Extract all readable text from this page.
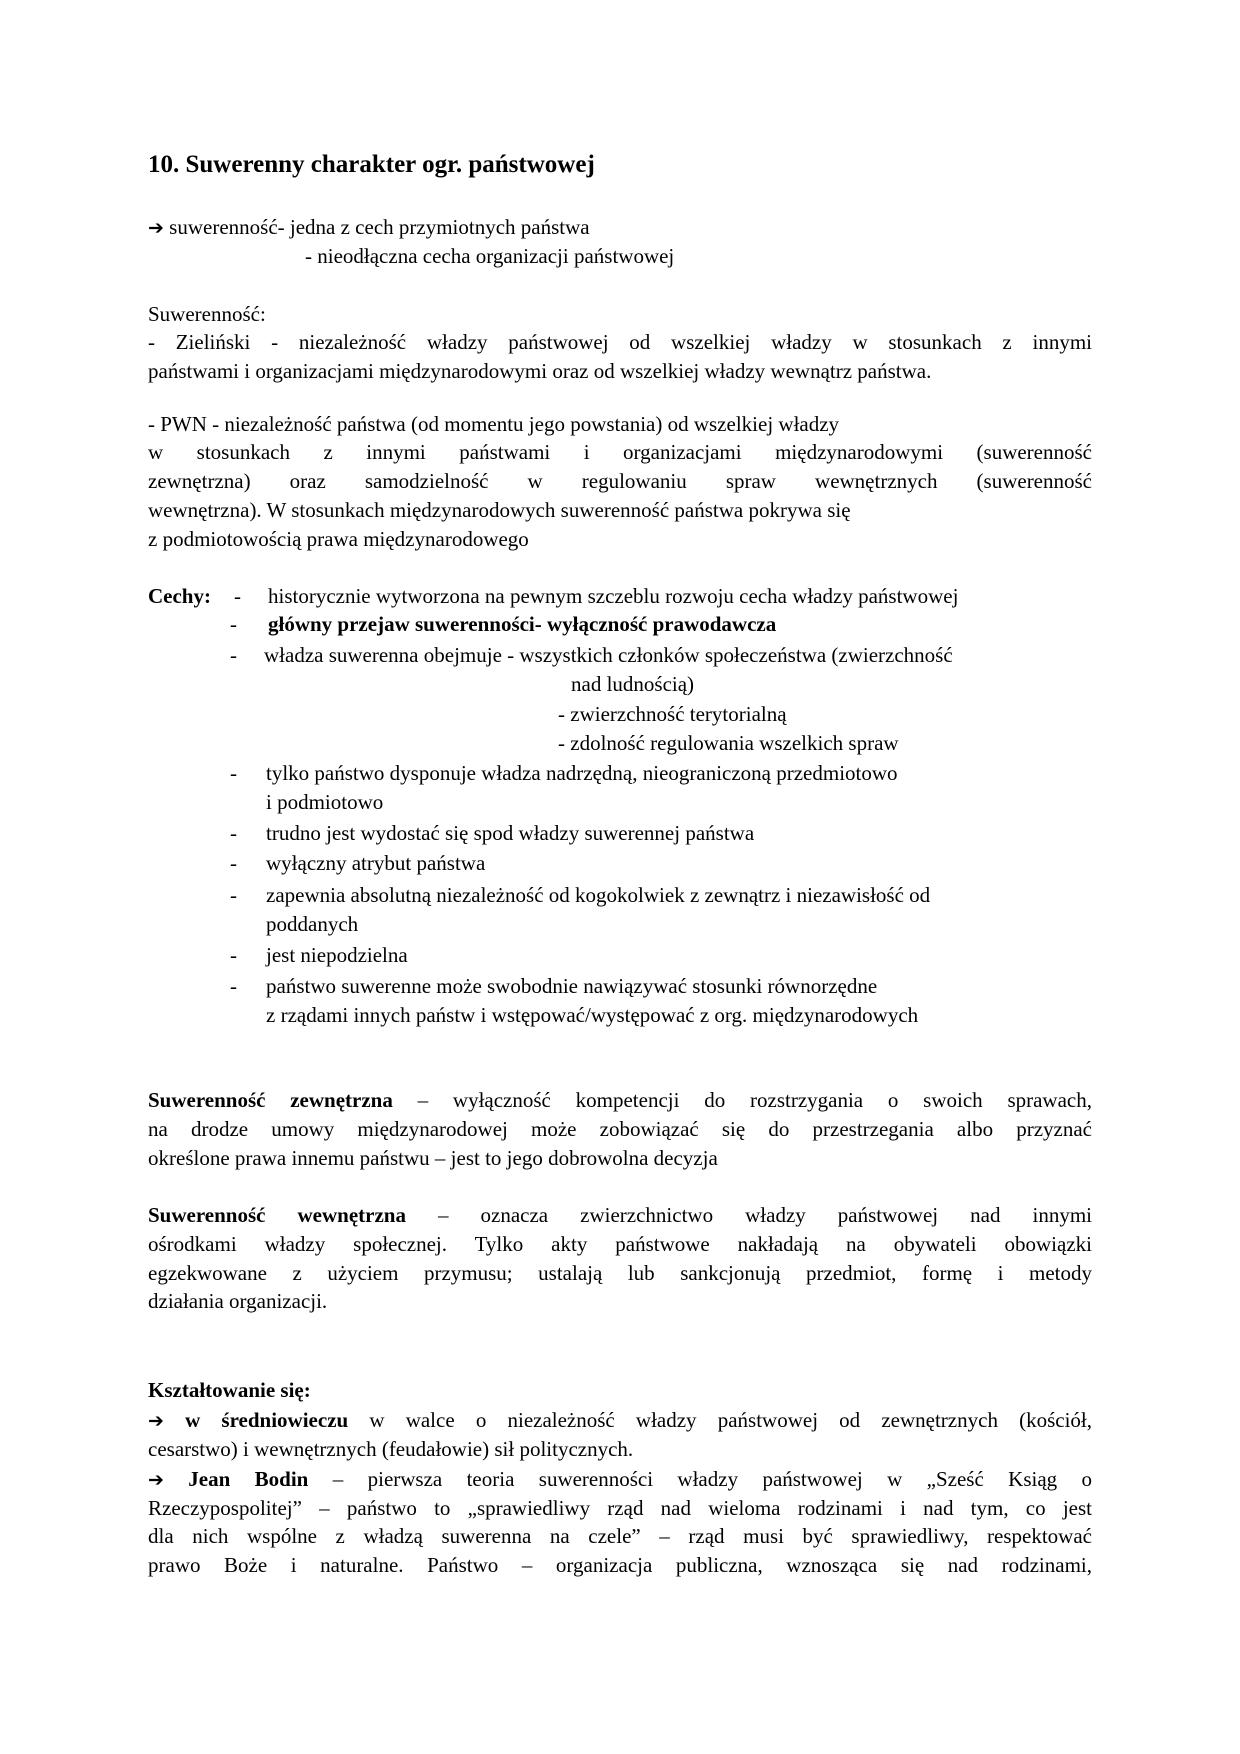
10. Suwerenny charakter ogr. państwowej
➔ suwerenność- jedna z cech przymiotnych państwa
- nieodłączna cecha organizacji państwowej
Suwerenność:
- Zieliński - niezależność władzy państwowej od wszelkiej władzy w stosunkach z innymi
państwami i organizacjami międzynarodowymi oraz od wszelkiej władzy wewnątrz państwa.
- PWN - niezależność państwa (od momentu jego powstania) od wszelkiej władzy
w stosunkach z innymi państwami i organizacjami międzynarodowymi (suwerenność
zewnętrzna) oraz samodzielność w regulowaniu spraw wewnętrznych (suwerenność
wewnętrzna). W stosunkach międzynarodowych suwerenność państwa pokrywa się
z podmiotowością prawa międzynarodowego
Cechy: - historycznie wytworzona na pewnym szczeblu rozwoju cecha władzy państwowej
- główny przejaw suwerenności- wyłączność prawodawcza
- władza suwerenna obejmuje - wszystkich członków społeczeństwa (zwierzchność
nad ludnością)
- zwierzchność terytorialną
- zdolność regulowania wszelkich spraw
- tylko państwo dysponuje władza nadrzędną, nieograniczoną przedmiotowo
i podmiotowo
- trudno jest wydostać się spod władzy suwerennej państwa
- wyłączny atrybut państwa
- zapewnia absolutną niezależność od kogokolwiek z zewnątrz i niezawisłość od
poddanych
- jest niepodzielna
- państwo suwerenne może swobodnie nawiązywać stosunki równorzędne
z rządami innych państw i wstępować/występować z org. międzynarodowych
Suwerenność zewnętrzna – wyłączność kompetencji do rozstrzygania o swoich sprawach,
na drodze umowy międzynarodowej może zobowiązać się do przestrzegania albo przyznać
określone prawa innemu państwu – jest to jego dobrowolna decyzja
Suwerenność wewnętrzna – oznacza zwierzchnictwo władzy państwowej nad innymi
ośrodkami władzy społecznej. Tylko akty państwowe nakładają na obywateli obowiązki
egzekwowane z użyciem przymusu; ustalają lub sankcjonują przedmiot, formę i metody
działania organizacji.
Kształtowanie się:
➔ w średniowieczu w walce o niezależność władzy państwowej od zewnętrznych (kościół,
cesarstwo) i wewnętrznych (feudałowie) sił politycznych.
➔ Jean Bodin – pierwsza teoria suwerenności władzy państwowej w „Sześć Ksiąg o
Rzeczypospolitej” – państwo to „sprawiedliwy rząd nad wieloma rodzinami i nad tym, co jest
dla nich wspólne z władzą suwerenna na czele” – rząd musi być sprawiedliwy, respektować
prawo Boże i naturalne. Państwo – organizacja publiczna, wznosząca się nad rodzinami,
